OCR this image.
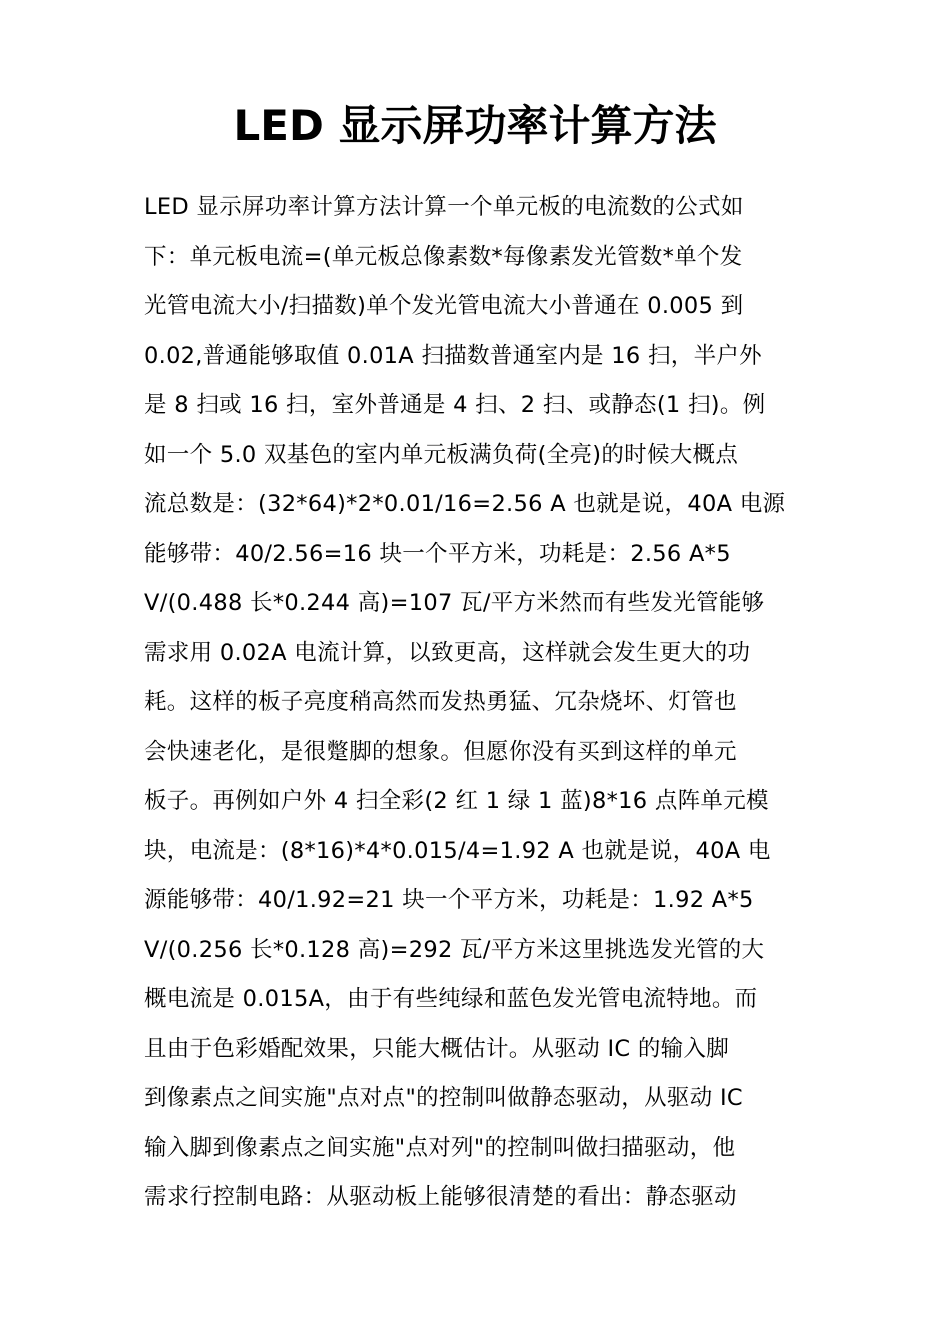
LED 显示屏功率计算方法
LED 显示屏功率计算方法计算一个单元板的电流数的公式如
下：单元板电流=(单元板总像素数*每像素发光管数*单个发
光管电流大小/扫描数)单个发光管电流大小普通在 0.005 到
0.02,普通能够取值 0.01A 扫描数普通室内是 16 扫，半户外
是 8 扫或 16 扫，室外普通是 4 扫、2 扫、或静态(1 扫)。例
如一个 5.0 双基色的室内单元板满负荷(全亮)的时候大概点
流总数是：(32*64)*2*0.01/16=2.56 A 也就是说，40A 电源
能够带：40/2.56=16 块一个平方米，功耗是：2.56 A*5
V/(0.488 长*0.244 高)=107 瓦/平方米然而有些发光管能够
需求用 0.02A 电流计算，以致更高，这样就会发生更大的功
耗。这样的板子亮度稍高然而发热勇猛、冗杂烧坏、灯管也
会快速老化，是很蹩脚的想象。但愿你没有买到这样的单元
板子。再例如户外 4 扫全彩(2 红 1 绿 1 蓝)8*16 点阵单元模
块，电流是：(8*16)*4*0.015/4=1.92 A 也就是说，40A 电
源能够带：40/1.92=21 块一个平方米，功耗是：1.92 A*5
V/(0.256 长*0.128 高)=292 瓦/平方米这里挑选发光管的大
概电流是 0.015A，由于有些纯绿和蓝色发光管电流特地。而
且由于色彩婚配效果，只能大概估计。从驱动 IC 的输入脚
到像素点之间实施"点对点"的控制叫做静态驱动，从驱动 IC
输入脚到像素点之间实施"点对列"的控制叫做扫描驱动，他
需求行控制电路：从驱动板上能够很清楚的看出：静态驱动
